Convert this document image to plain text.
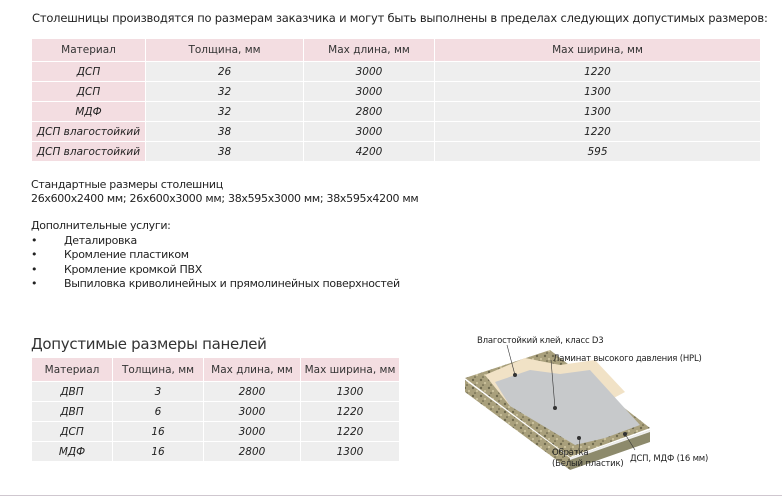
Столешницы производятся по размерам заказчика и могут быть выполнены в пределах следующих допустимых размеров:
Материал	Толщина, мм	Max длина, мм	Max ширина, мм
ДСП	26	3000	1220
ДСП	32	3000	1300
МДФ	32	2800	1300
ДСП влагостойкий	38	3000	1220
ДСП влагостойкий	38	4200	595
Стандартные размеры столешниц
26х600х2400 мм; 26х600х3000 мм; 38х595х3000 мм; 38х595х4200 мм
Дополнительные услуги:
• Деталировка
• Кромление пластиком
• Кромление кромкой ПВХ
• Выпиловка криволинейных и прямолинейных поверхностей
Допустимые размеры панелей
Материал	Толщина, мм	Max длина, мм	Max ширина, мм
ДВП	3	2800	1300
ДВП	6	3000	1220
ДСП	16	3000	1220
МДФ	16	2800	1300
Влагостойкий клей, класс D3
Ламинат высокого давления (HPL)
Обратка
(Белый пластик) ДСП, МДФ (16 мм)
